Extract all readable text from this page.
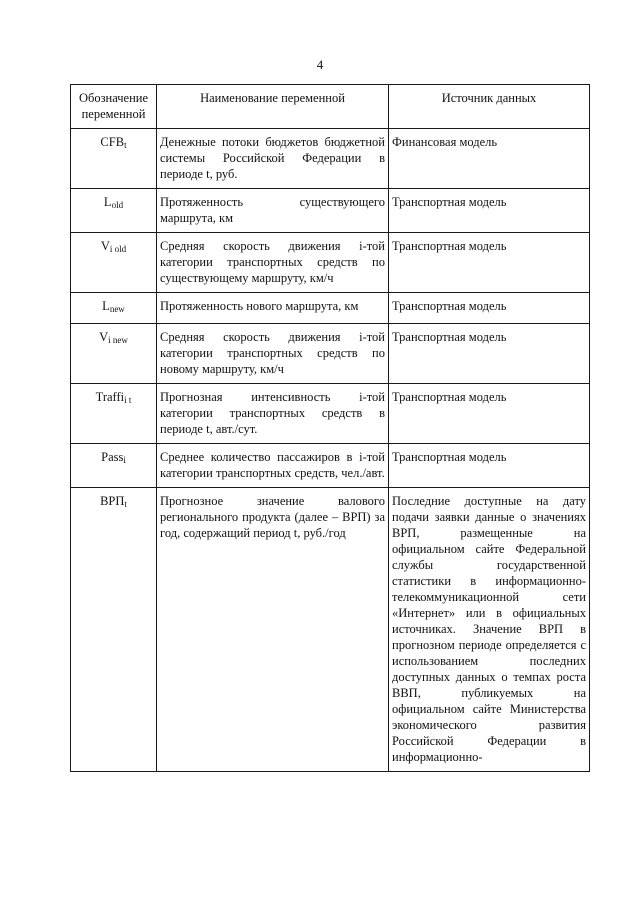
4
Обозначение переменной	Наименование переменной	Источник данных
$CFB_t$	Денежные потоки бюджетов бюджетной системы Российской Федерации в периоде t, руб.	Финансовая модель
$L_{old}$	Протяженность существующего маршрута, км	Транспортная модель
$V_{i old}$	Средняя скорость движения i-той категории транспортных средств по существующему маршруту, км/ч	Транспортная модель
$L_{new}$	Протяженность нового маршрута, км	Транспортная модель
$V_{i new}$	Средняя скорость движения i-той категории транспортных средств по новому маршруту, км/ч	Транспортная модель
Traffi$_{i t}$	Прогнозная интенсивность i-той категории транспортных средств в периоде t, авт./сут.	Транспортная модель
Pass$_i$	Среднее количество пассажиров в i-той категории транспортных средств, чел./авт.	Транспортная модель
$ВРП_t$	Прогнозное значение валового регионального продукта (далее – ВРП) за год, содержащий период t, руб./год	Последние доступные на дату подачи заявки данные о значениях ВРП, размещенные на официальном сайте Федеральной службы государственной статистики в информационно-телекоммуникационной сети «Интернет» или в официальных источниках. Значение ВРП в прогнозном периоде определяется с использованием последних доступных данных о темпах роста ВВП, публикуемых на официальном сайте Министерства экономического развития Российской Федерации в информационно-
